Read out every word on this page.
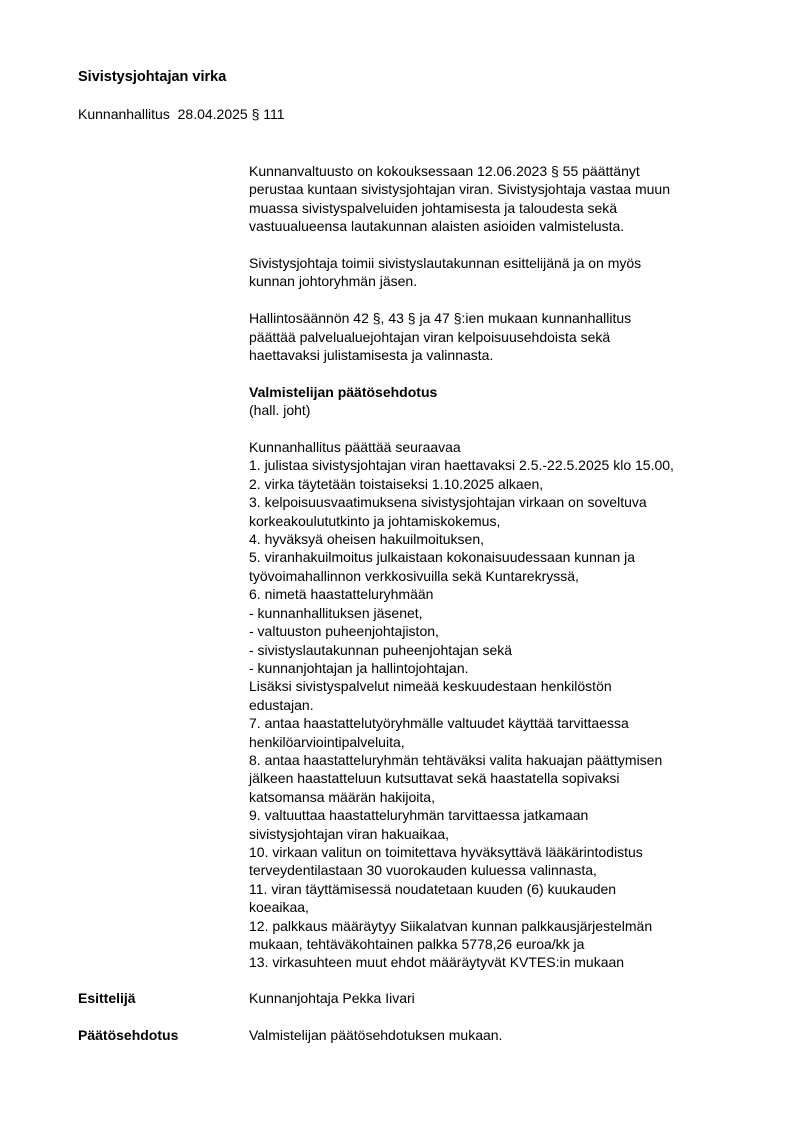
Sivistysjohtajan virka
Kunnanhallitus  28.04.2025 § 111
Kunnanvaltuusto on kokouksessaan 12.06.2023 § 55 päättänyt
perustaa kuntaan sivistysjohtajan viran. Sivistysjohtaja vastaa muun
muassa sivistyspalveluiden johtamisesta ja taloudesta sekä
vastuualueensa lautakunnan alaisten asioiden valmistelusta.
Sivistysjohtaja toimii sivistyslautakunnan esittelijänä ja on myös
kunnan johtoryhmän jäsen.
Hallintosäännön 42 §, 43 § ja 47 §:ien mukaan kunnanhallitus
päättää palvelualuejohtajan viran kelpoisuusehdoista sekä
haettavaksi julistamisesta ja valinnasta.
Valmistelijan päätösehdotus
(hall. joht)
Kunnanhallitus päättää seuraavaa
1. julistaa sivistysjohtajan viran haettavaksi 2.5.-22.5.2025 klo 15.00,
2. virka täytetään toistaiseksi 1.10.2025 alkaen,
3. kelpoisuusvaatimuksena sivistysjohtajan virkaan on soveltuva
korkeakoulututkinto ja johtamiskokemus,
4. hyväksyä oheisen hakuilmoituksen,
5. viranhakuilmoitus julkaistaan kokonaisuudessaan kunnan ja
työvoimahallinnon verkkosivuilla sekä Kuntarekryssä,
6. nimetä haastatteluryhmään
- kunnanhallituksen jäsenet,
- valtuuston puheenjohtajiston,
- sivistyslautakunnan puheenjohtajan sekä
- kunnanjohtajan ja hallintojohtajan.
Lisäksi sivistyspalvelut nimeää keskuudestaan henkilöstön
edustajan.
7. antaa haastattelutyöryhmälle valtuudet käyttää tarvittaessa
henkilöarviointipalveluita,
8. antaa haastatteluryhmän tehtäväksi valita hakuajan päättymisen
jälkeen haastatteluun kutsuttavat sekä haastatella sopivaksi
katsomansa määrän hakijoita,
9. valtuuttaa haastatteluryhmän tarvittaessa jatkamaan
sivistysjohtajan viran hakuaikaa,
10. virkaan valitun on toimitettava hyväksyttävä lääkärintodistus
terveydentilastaan 30 vuorokauden kuluessa valinnasta,
11. viran täyttämisessä noudatetaan kuuden (6) kuukauden
koeaikaa,
12. palkkaus määräytyy Siikalatvan kunnan palkkausjärjestelmän
mukaan, tehtäväkohtainen palkka 5778,26 euroa/kk ja
13. virkasuhteen muut ehdot määräytyvät KVTES:in mukaan
Esittelijä	Kunnanjohtaja Pekka Iivari
Päätösehdotus	Valmistelijan päätösehdotuksen mukaan.
